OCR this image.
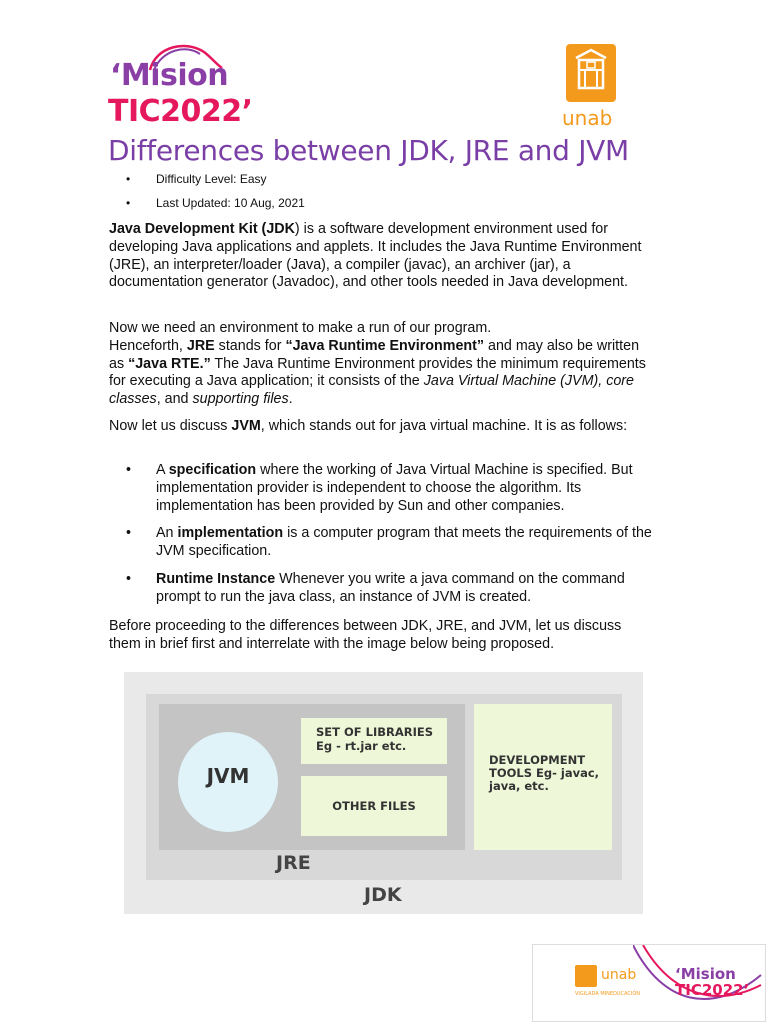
‘Mision
TIC2022’	unab
Differences between JDK, JRE and JVM
• Difficulty Level: Easy
• Last Updated: 10 Aug, 2021

Java Development Kit (JDK) is a software development environment used for developing Java applications and applets. It includes the Java Runtime Environment (JRE), an interpreter/loader (Java), a compiler (javac), an archiver (jar), a documentation generator (Javadoc), and other tools needed in Java development.

Now we need an environment to make a run of our program.

Henceforth, JRE stands for “Java Runtime Environment” and may also be written as “Java RTE.” The Java Runtime Environment provides the minimum requirements for executing a Java application; it consists of the Java Virtual Machine (JVM), core classes, and supporting files.

Now let us discuss JVM, which stands out for java virtual machine. It is as follows:

• A specification where the working of Java Virtual Machine is specified. But implementation provider is independent to choose the algorithm. Its implementation has been provided by Sun and other companies.
• An implementation is a computer program that meets the requirements of the JVM specification.
• Runtime Instance Whenever you write a java command on the command prompt to run the java class, an instance of JVM is created.
Before proceeding to the differences between JDK, JRE, and JVM, let us discuss them in brief first and interrelate with the image below being proposed.
JVM
SET OF LIBRARIES
Eg - rt.jar etc.
OTHER FILES
DEVELOPMENT
TOOLS Eg- javac,
java, etc.
JRE
JDK
unab
VIGILADA MINEDUCACIÓN
‘Mision
TIC2022’
